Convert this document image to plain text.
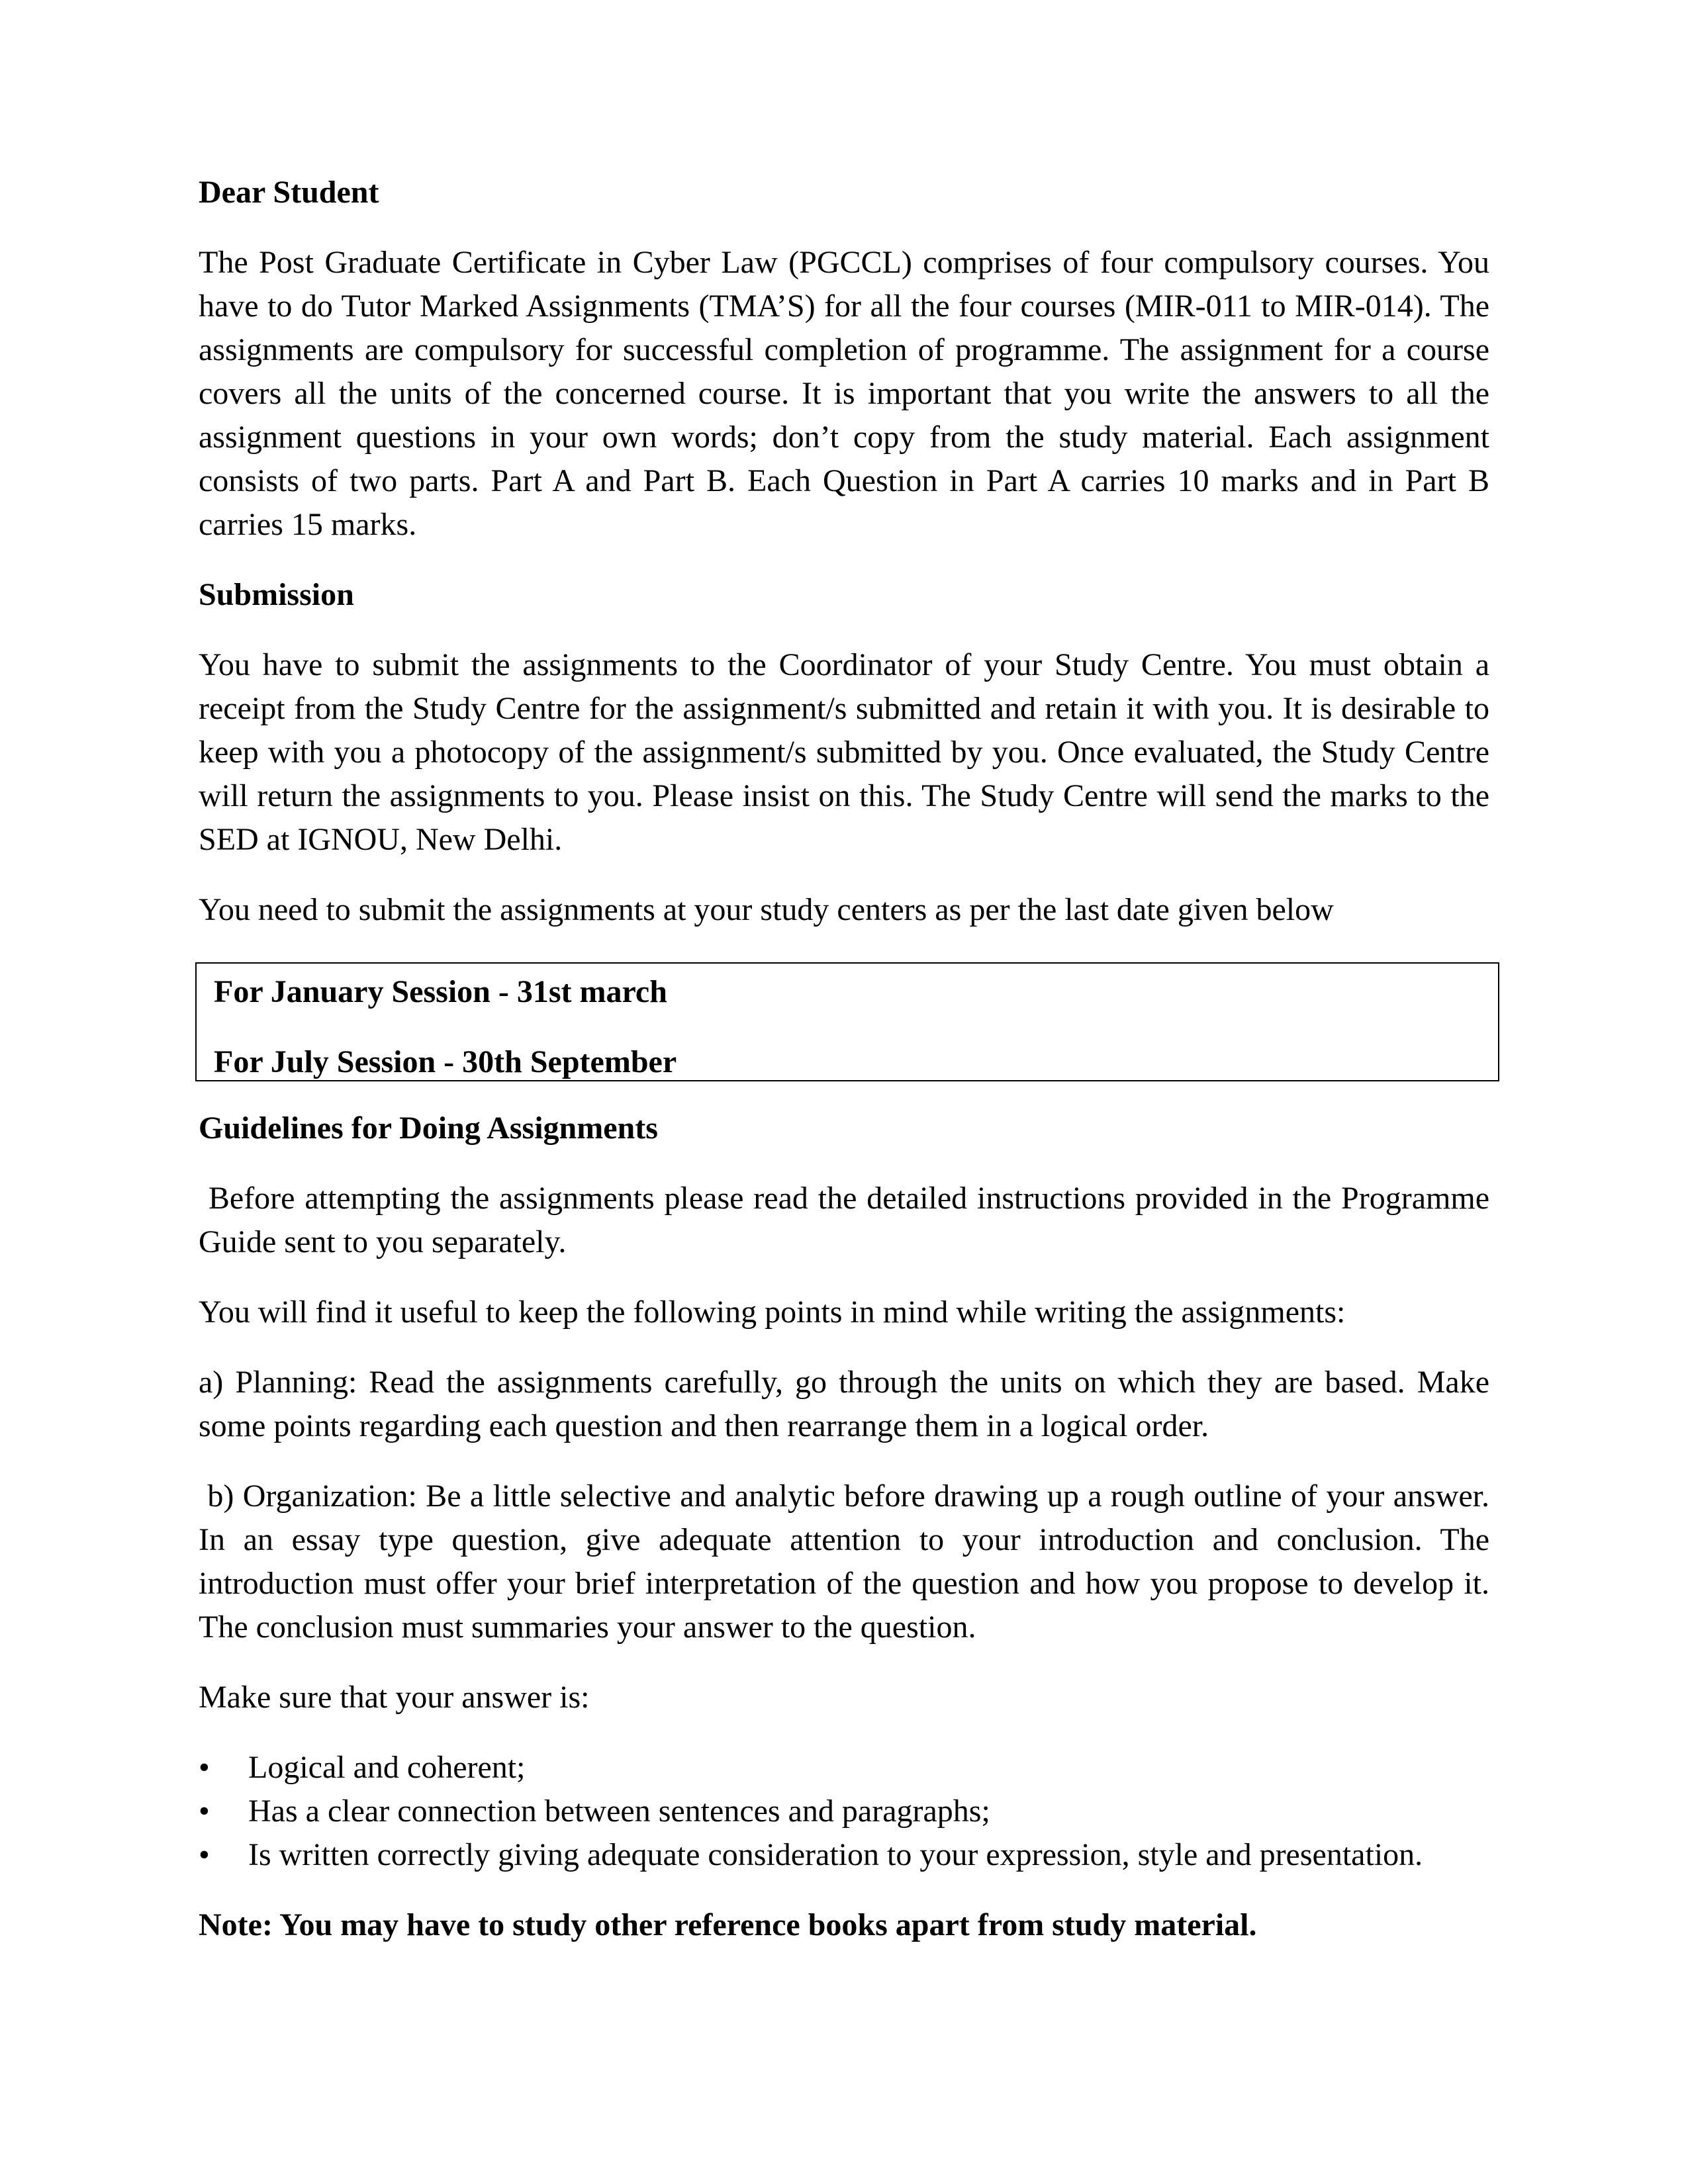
Dear Student

The Post Graduate Certificate in Cyber Law (PGCCL) comprises of four compulsory courses. You have to do Tutor Marked Assignments (TMA’S) for all the four courses (MIR-011 to MIR-014). The assignments are compulsory for successful completion of programme. The assignment for a course covers all the units of the concerned course. It is important that you write the answers to all the assignment questions in your own words; don’t copy from the study material. Each assignment consists of two parts. Part A and Part B. Each Question in Part A carries 10 marks and in Part B carries 15 marks.

Submission

You have to submit the assignments to the Coordinator of your Study Centre. You must obtain a receipt from the Study Centre for the assignment/s submitted and retain it with you. It is desirable to keep with you a photocopy of the assignment/s submitted by you. Once evaluated, the Study Centre will return the assignments to you. Please insist on this. The Study Centre will send the marks to the SED at IGNOU, New Delhi.

You need to submit the assignments at your study centers as per the last date given below

For January Session - 31st march
For July Session - 30th September

Guidelines for Doing Assignments

Before attempting the assignments please read the detailed instructions provided in the Programme Guide sent to you separately.

You will find it useful to keep the following points in mind while writing the assignments:

a) Planning: Read the assignments carefully, go through the units on which they are based. Make some points regarding each question and then rearrange them in a logical order.

b) Organization: Be a little selective and analytic before drawing up a rough outline of your answer. In an essay type question, give adequate attention to your introduction and conclusion. The introduction must offer your brief interpretation of the question and how you propose to develop it. The conclusion must summaries your answer to the question.

Make sure that your answer is:

•	Logical and coherent;
•	Has a clear connection between sentences and paragraphs;
•	Is written correctly giving adequate consideration to your expression, style and presentation.

Note: You may have to study other reference books apart from study material.
